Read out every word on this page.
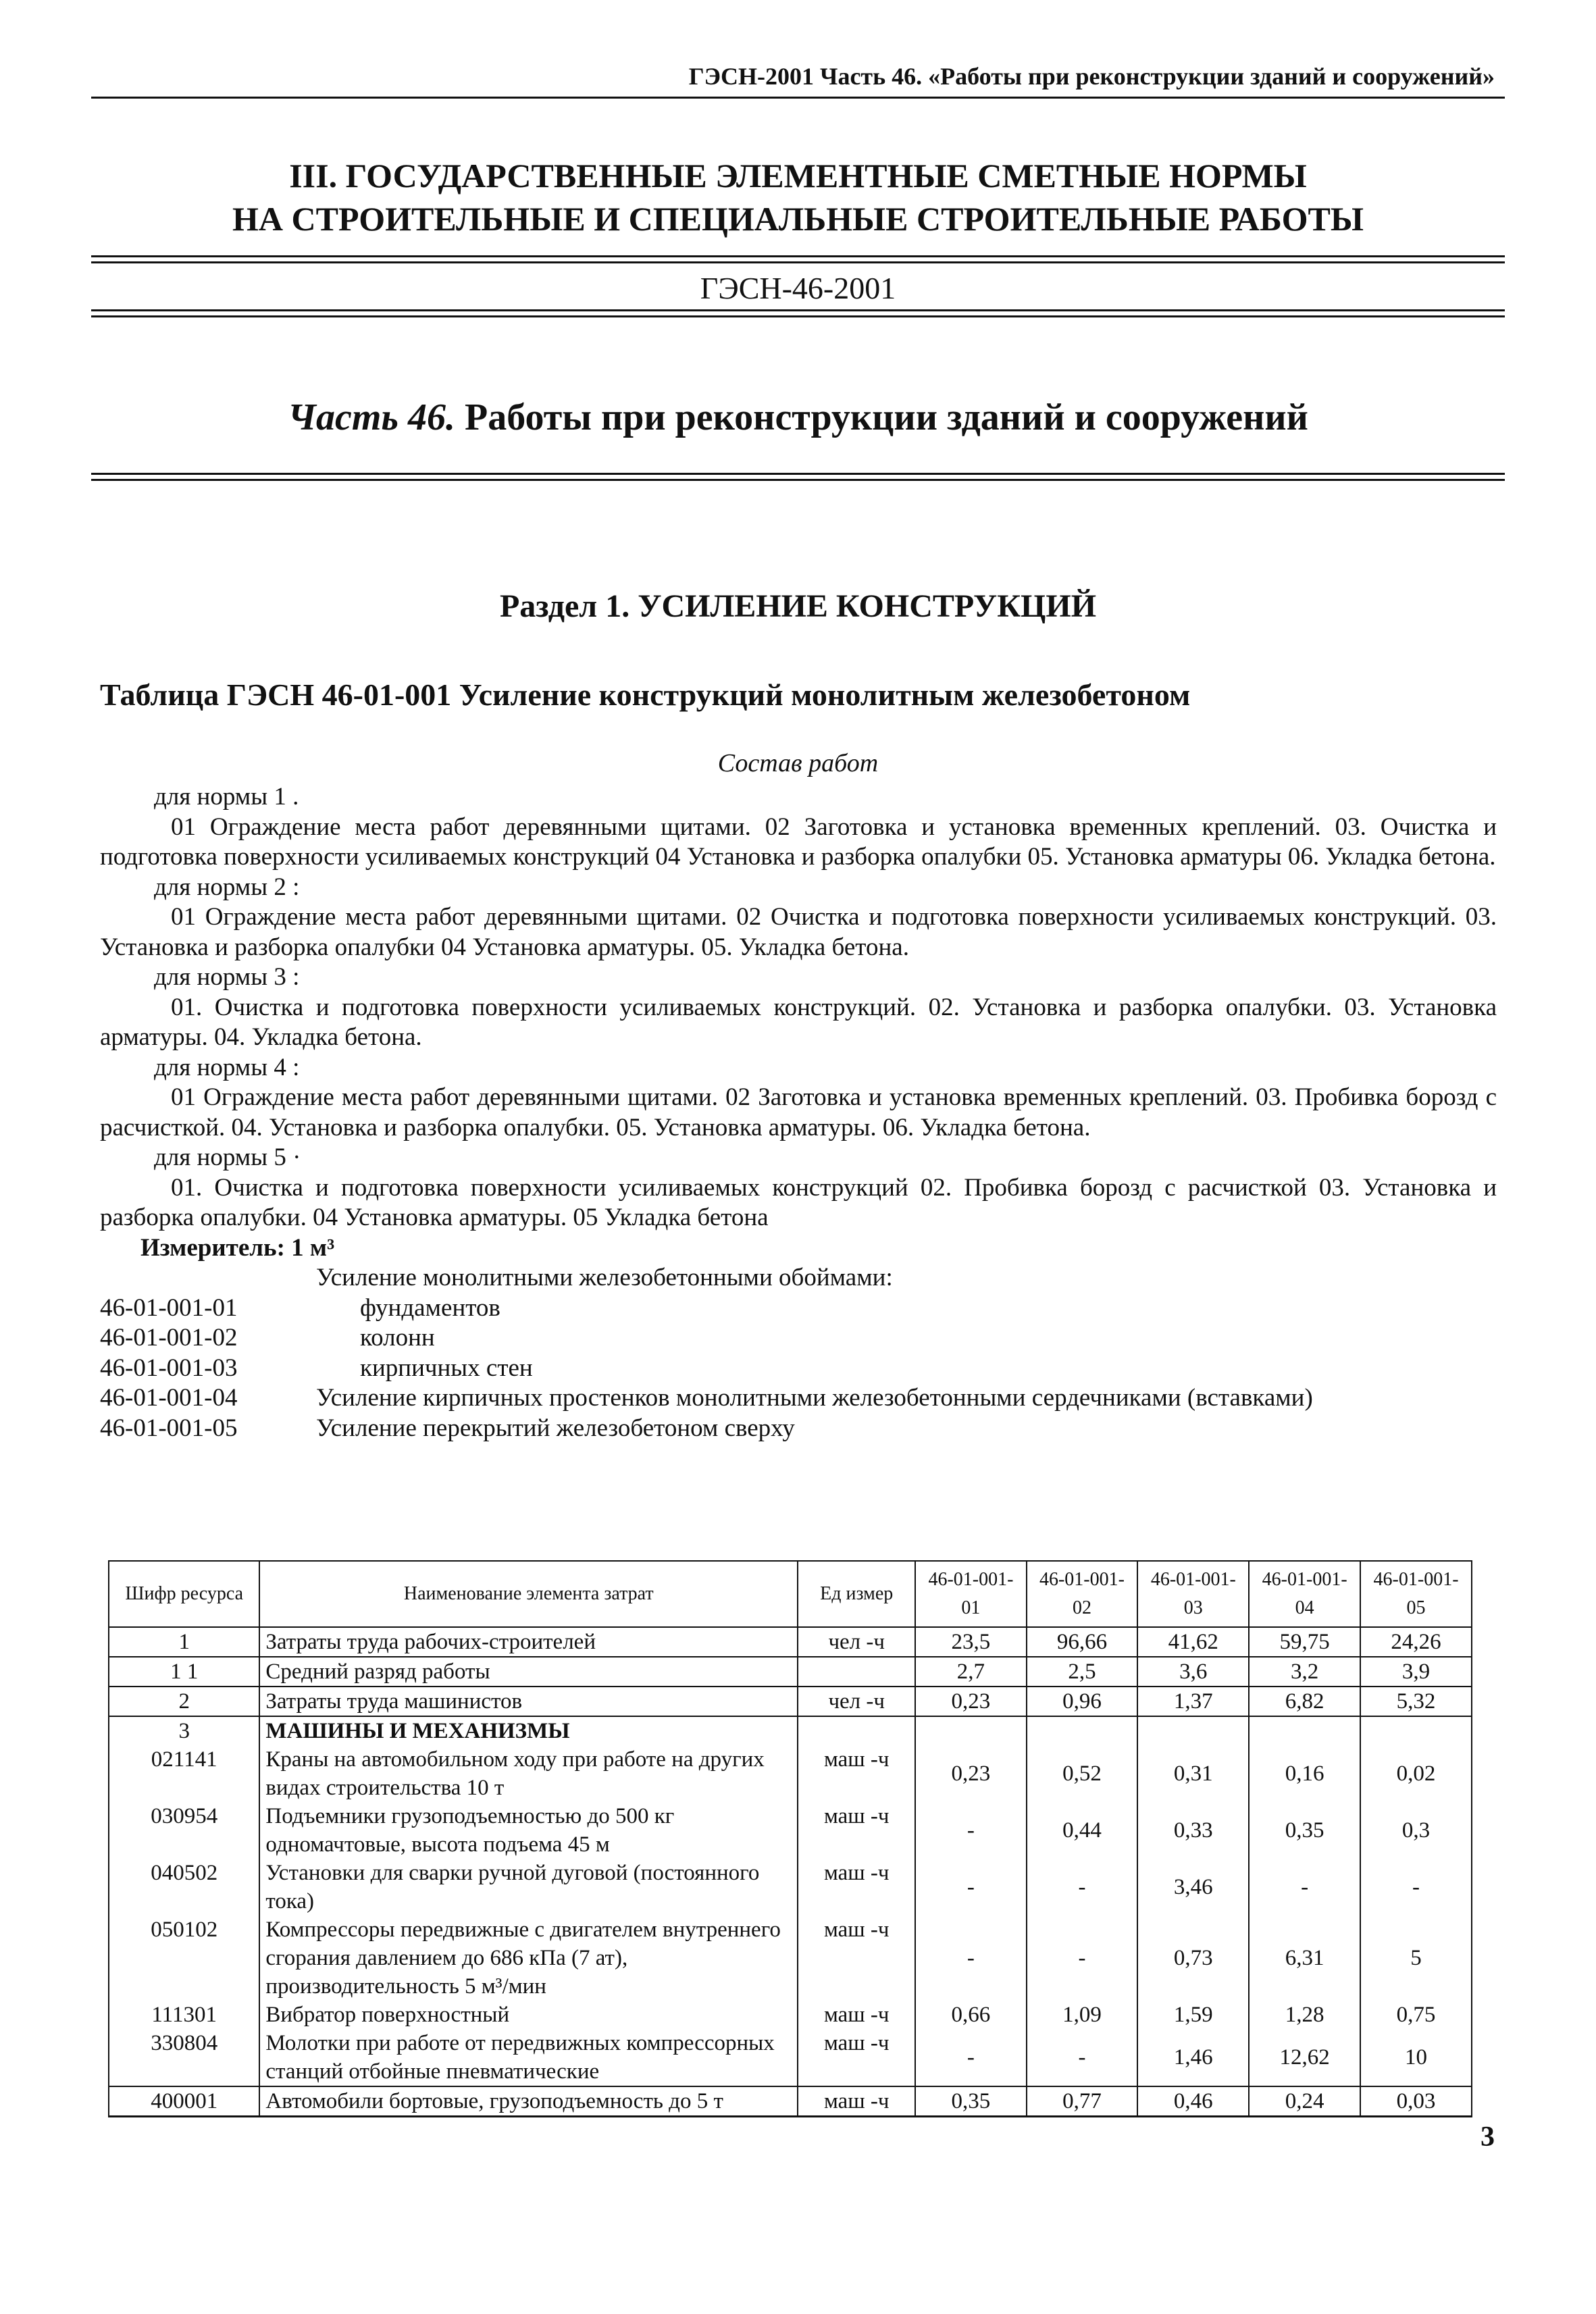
ГЭСН-2001 Часть 46. «Работы при реконструкции зданий и сооружений»
III. ГОСУДАРСТВЕННЫЕ ЭЛЕМЕНТНЫЕ СМЕТНЫЕ НОРМЫ
НА СТРОИТЕЛЬНЫЕ И СПЕЦИАЛЬНЫЕ СТРОИТЕЛЬНЫЕ РАБОТЫ
ГЭСН-46-2001
Часть 46. Работы при реконструкции зданий и сооружений
Раздел 1. УСИЛЕНИЕ КОНСТРУКЦИЙ
Таблица ГЭСН 46-01-001 Усиление конструкций монолитным железобетоном
Состав работ

для нормы 1 .

01 Ограждение места работ деревянными щитами. 02 Заготовка и установка временных креплений. 03. Очистка и подготовка поверхности усиливаемых конструкций 04 Установка и разборка опалубки 05. Установка арматуры 06. Укладка бетона.

для нормы 2 :

01 Ограждение места работ деревянными щитами. 02 Очистка и подготовка поверхности усиливаемых конструкций. 03. Установка и разборка опалубки 04 Установка арматуры. 05. Укладка бетона.

для нормы 3 :

01. Очистка и подготовка поверхности усиливаемых конструкций. 02. Установка и разборка опалубки. 03. Установка арматуры. 04. Укладка бетона.

для нормы 4 :

01 Ограждение места работ деревянными щитами. 02 Заготовка и установка временных креплений. 03. Пробивка борозд с расчисткой. 04. Установка и разборка опалубки. 05. Установка арматуры. 06. Укладка бетона.

для нормы 5 ·

01. Очистка и подготовка поверхности усиливаемых конструкций 02. Пробивка борозд с расчисткой 03. Установка и разборка опалубки. 04 Установка арматуры. 05 Укладка бетона

Измеритель: 1 м³

Усиление монолитными железобетонными обоймами:

46-01-001-01	фундаментов
46-01-001-02	колонн
46-01-001-03	кирпичных стен
46-01-001-04	Усиление кирпичных простенков монолитными железобетонными сердечниками (вставками)
46-01-001-05	Усиление перекрытий железобетоном сверху
Шифр ресурса	Наименование элемента затрат	Ед измер	46-01-001-01	46-01-001-02	46-01-001-03	46-01-001-04	46-01-001-05
1	Затраты труда рабочих-строителей	чел -ч	23,5	96,66	41,62	59,75	24,26
1 1	Средний разряд работы		2,7	2,5	3,6	3,2	3,9
2	Затраты труда машинистов	чел -ч	0,23	0,96	1,37	6,82	5,32
3	МАШИНЫ И МЕХАНИЗМЫ						
021141	Краны на автомобильном ходу при работе на других видах строительства 10 т	маш -ч	0,23	0,52	0,31	0,16	0,02
030954	Подъемники грузоподъемностью до 500 кг одномачтовые, высота подъема 45 м	маш -ч	-	0,44	0,33	0,35	0,3
040502	Установки для сварки ручной дуговой (постоянного тока)	маш -ч	-	-	3,46	-	-
050102	Компрессоры передвижные с двигателем внутреннего сгорания давлением до 686 кПа (7 ат), производительность 5 м³/мин	маш -ч	-	-	0,73	6,31	5
111301	Вибратор поверхностный	маш -ч	0,66	1,09	1,59	1,28	0,75
330804	Молотки при работе от передвижных компрессорных станций отбойные пневматические	маш -ч	-	-	1,46	12,62	10
400001	Автомобили бортовые, грузоподъемность до 5 т	маш -ч	0,35	0,77	0,46	0,24	0,03
3
